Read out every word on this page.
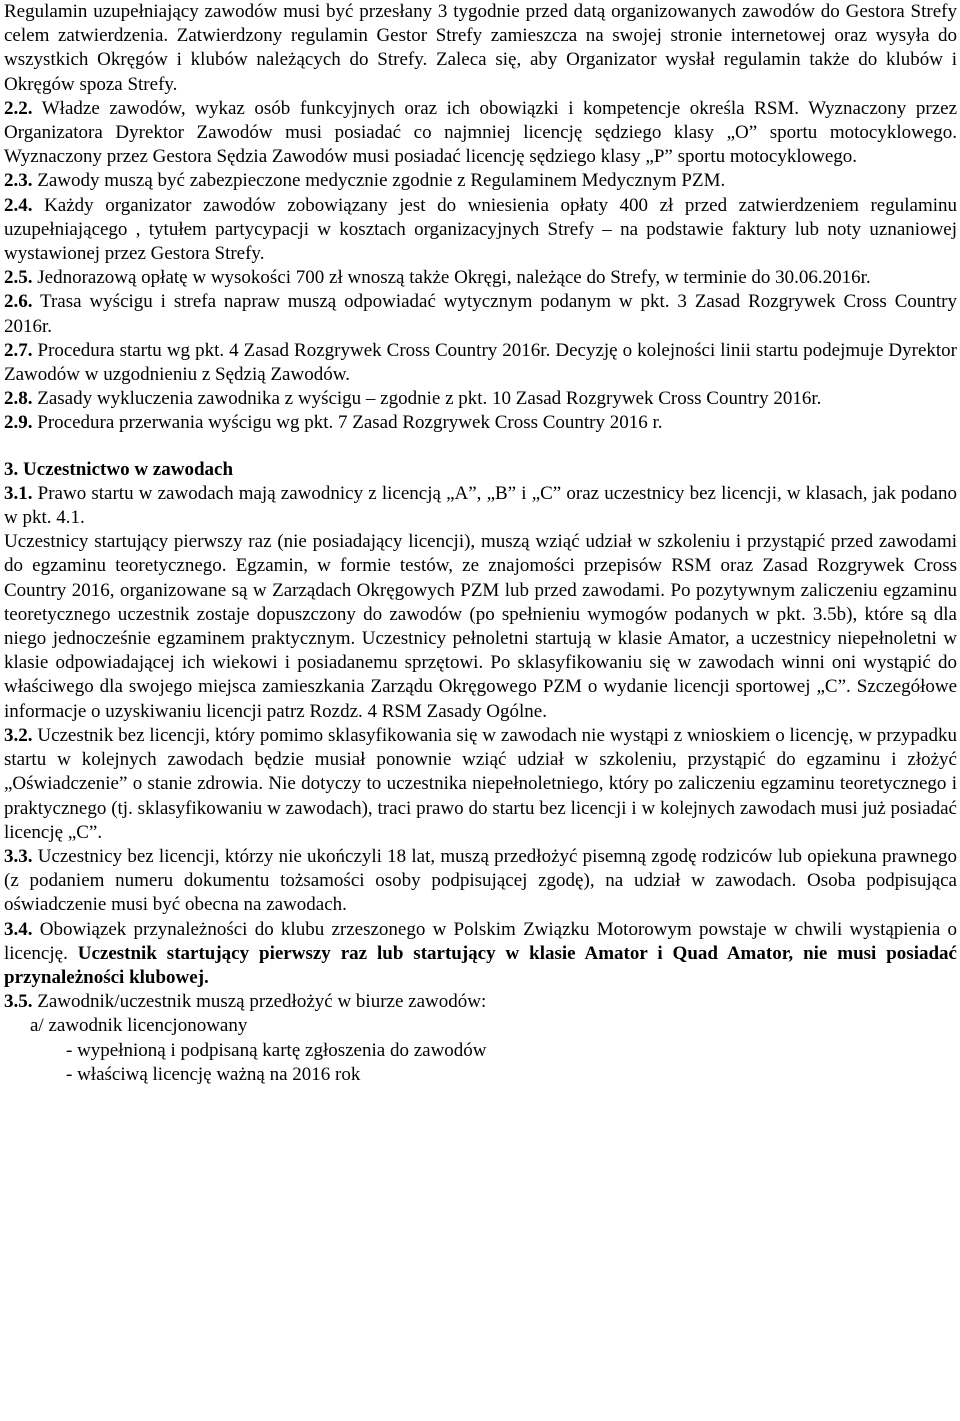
Regulamin uzupełniający zawodów musi być przesłany 3 tygodnie przed datą organizowanych zawodów do Gestora Strefy celem zatwierdzenia. Zatwierdzony regulamin Gestor Strefy zamieszcza na swojej stronie internetowej oraz wysyła do wszystkich Okręgów i klubów należących do Strefy. Zaleca się, aby Organizator wysłał regulamin także do klubów i Okręgów spoza Strefy.

2.2. Władze zawodów, wykaz osób funkcyjnych oraz ich obowiązki i kompetencje określa RSM. Wyznaczony przez Organizatora Dyrektor Zawodów musi posiadać co najmniej licencję sędziego klasy „O” sportu motocyklowego. Wyznaczony przez Gestora Sędzia Zawodów musi posiadać licencję sędziego klasy „P” sportu motocyklowego.

2.3. Zawody muszą być zabezpieczone medycznie zgodnie z Regulaminem Medycznym PZM.

2.4. Każdy organizator zawodów zobowiązany jest do wniesienia opłaty 400 zł przed zatwierdzeniem regulaminu uzupełniającego , tytułem partycypacji w kosztach organizacyjnych Strefy – na podstawie faktury lub noty uznaniowej wystawionej przez Gestora Strefy.

2.5. Jednorazową opłatę w wysokości 700 zł wnoszą także Okręgi, należące do Strefy, w terminie do 30.06.2016r.

2.6. Trasa wyścigu i strefa napraw muszą odpowiadać wytycznym podanym w pkt. 3 Zasad Rozgrywek Cross Country 2016r.

2.7. Procedura startu wg pkt. 4 Zasad Rozgrywek Cross Country 2016r. Decyzję o kolejności linii startu podejmuje Dyrektor Zawodów w uzgodnieniu z Sędzią Zawodów.

2.8. Zasady wykluczenia zawodnika z wyścigu – zgodnie z pkt. 10 Zasad Rozgrywek Cross Country 2016r.

2.9. Procedura przerwania wyścigu wg pkt. 7 Zasad Rozgrywek Cross Country 2016 r.

3. Uczestnictwo w zawodach

3.1. Prawo startu w zawodach mają zawodnicy z licencją „A”, „B” i „C” oraz uczestnicy bez licencji, w klasach, jak podano w pkt. 4.1.

Uczestnicy startujący pierwszy raz (nie posiadający licencji), muszą wziąć udział w szkoleniu i przystąpić przed zawodami do egzaminu teoretycznego. Egzamin, w formie testów, ze znajomości przepisów RSM oraz Zasad Rozgrywek Cross Country 2016, organizowane są w Zarządach Okręgowych PZM lub przed zawodami. Po pozytywnym zaliczeniu egzaminu teoretycznego uczestnik zostaje dopuszczony do zawodów (po spełnieniu wymogów podanych w pkt. 3.5b), które są dla niego jednocześnie egzaminem praktycznym. Uczestnicy pełnoletni startują w klasie Amator, a uczestnicy niepełnoletni w klasie odpowiadającej ich wiekowi i posiadanemu sprzętowi. Po sklasyfikowaniu się w zawodach winni oni wystąpić do właściwego dla swojego miejsca zamieszkania Zarządu Okręgowego PZM o wydanie licencji sportowej „C”. Szczegółowe informacje o uzyskiwaniu licencji patrz Rozdz. 4 RSM Zasady Ogólne.

3.2. Uczestnik bez licencji, który pomimo sklasyfikowania się w zawodach nie wystąpi z wnioskiem o licencję, w przypadku startu w kolejnych zawodach będzie musiał ponownie wziąć udział w szkoleniu, przystąpić do egzaminu i złożyć „Oświadczenie” o stanie zdrowia. Nie dotyczy to uczestnika niepełnoletniego, który po zaliczeniu egzaminu teoretycznego i praktycznego (tj. sklasyfikowaniu w zawodach), traci prawo do startu bez licencji i w kolejnych zawodach musi już posiadać licencję „C”.

3.3. Uczestnicy bez licencji, którzy nie ukończyli 18 lat, muszą przedłożyć pisemną zgodę rodziców lub opiekuna prawnego (z podaniem numeru dokumentu tożsamości osoby podpisującej zgodę), na udział w zawodach. Osoba podpisująca oświadczenie musi być obecna na zawodach.

3.4. Obowiązek przynależności do klubu zrzeszonego w Polskim Związku Motorowym powstaje w chwili wystąpienia o licencję. Uczestnik startujący pierwszy raz lub startujący w klasie Amator i Quad Amator, nie musi posiadać przynależności klubowej.

3.5. Zawodnik/uczestnik muszą przedłożyć w biurze zawodów:

a/ zawodnik licencjonowany

- wypełnioną i podpisaną kartę zgłoszenia do zawodów

- właściwą licencję ważną na 2016 rok
